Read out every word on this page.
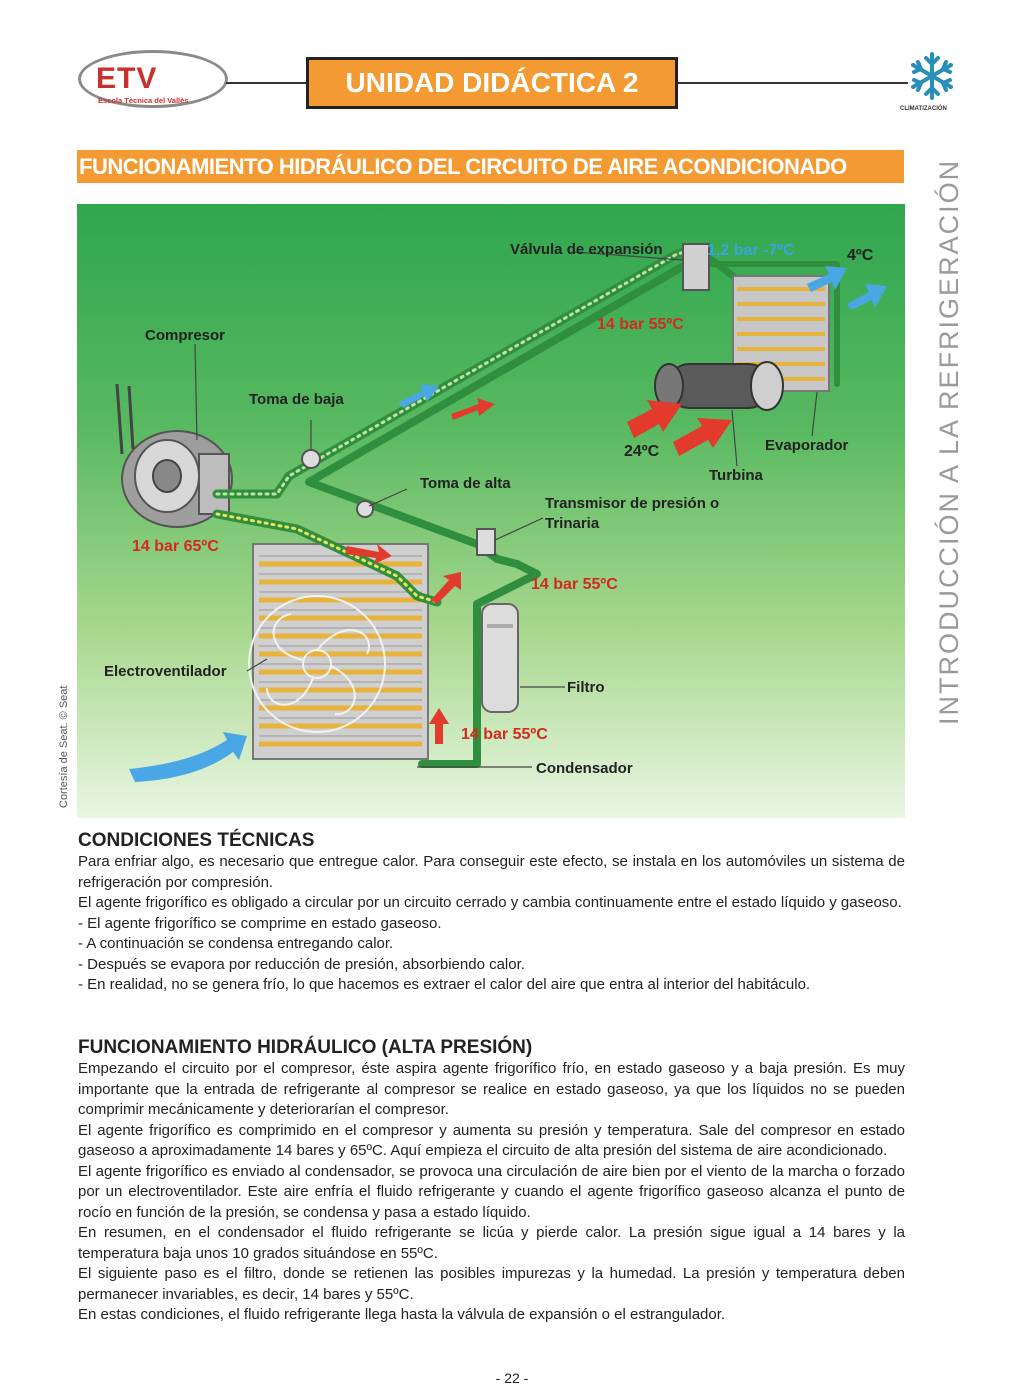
ETV
Escola Tècnica del Vallès
UNIDAD DIDÁCTICA 2
CLIMATIZACIÓN
INTRODUCCIÓN A LA REFRIGERACIÓN
FUNCIONAMIENTO HIDRÁULICO DEL CIRCUITO DE AIRE ACONDICIONADO
Válvula de expansión
Compresor
Toma de baja
Toma de alta
Transmisor de presión o Trinaria
Evaporador
Turbina
Electroventilador
Filtro
Condensador
1,2 bar -7ºC	4ºC
14 bar 55ºC
24ºC
14 bar 65ºC
14 bar 55ºC
14 bar 55ºC
Cortesía de Seat. © Seat
CONDICIONES TÉCNICAS

Para enfriar algo, es necesario que entregue calor. Para conseguir este efecto, se instala en los automóviles un sistema de refrigeración por compresión.

El agente frigorífico es obligado a circular por un circuito cerrado y cambia continuamente entre el estado líquido y gaseoso.

- El agente frigorífico se comprime en estado gaseoso.

- A continuación se condensa entregando calor.

- Después se evapora por reducción de presión, absorbiendo calor.

- En realidad, no se genera frío, lo que hacemos es extraer el calor del aire que entra al interior del habitáculo.

FUNCIONAMIENTO HIDRÁULICO (ALTA PRESIÓN)

Empezando el circuito por el compresor, éste aspira agente frigorífico frío, en estado gaseoso y a baja presión. Es muy importante que la entrada de refrigerante al compresor se realice en estado gaseoso, ya que los líquidos no se pueden comprimir mecánicamente y deteriorarían el compresor.

El agente frigorífico es comprimido en el compresor y aumenta su presión y temperatura. Sale del compresor en estado gaseoso a aproximadamente 14 bares y 65ºC. Aquí empieza el circuito de alta presión del sistema de aire acondicionado.

El agente frigorífico es enviado al condensador, se provoca una circulación de aire bien por el viento de la marcha o forzado por un electroventilador. Este aire enfría el fluido refrigerante y cuando el agente frigorífico gaseoso alcanza el punto de rocío en función de la presión, se condensa y pasa a estado líquido.

En resumen, en el condensador el fluido refrigerante se licúa y pierde calor. La presión sigue igual a 14 bares y la temperatura baja unos 10 grados situándose en 55ºC.

El siguiente paso es el filtro, donde se retienen las posibles impurezas y la humedad. La presión y temperatura deben permanecer invariables, es decir, 14 bares y 55ºC.

En estas condiciones, el fluido refrigerante llega hasta la válvula de expansión o el estrangulador.

- 22 -
